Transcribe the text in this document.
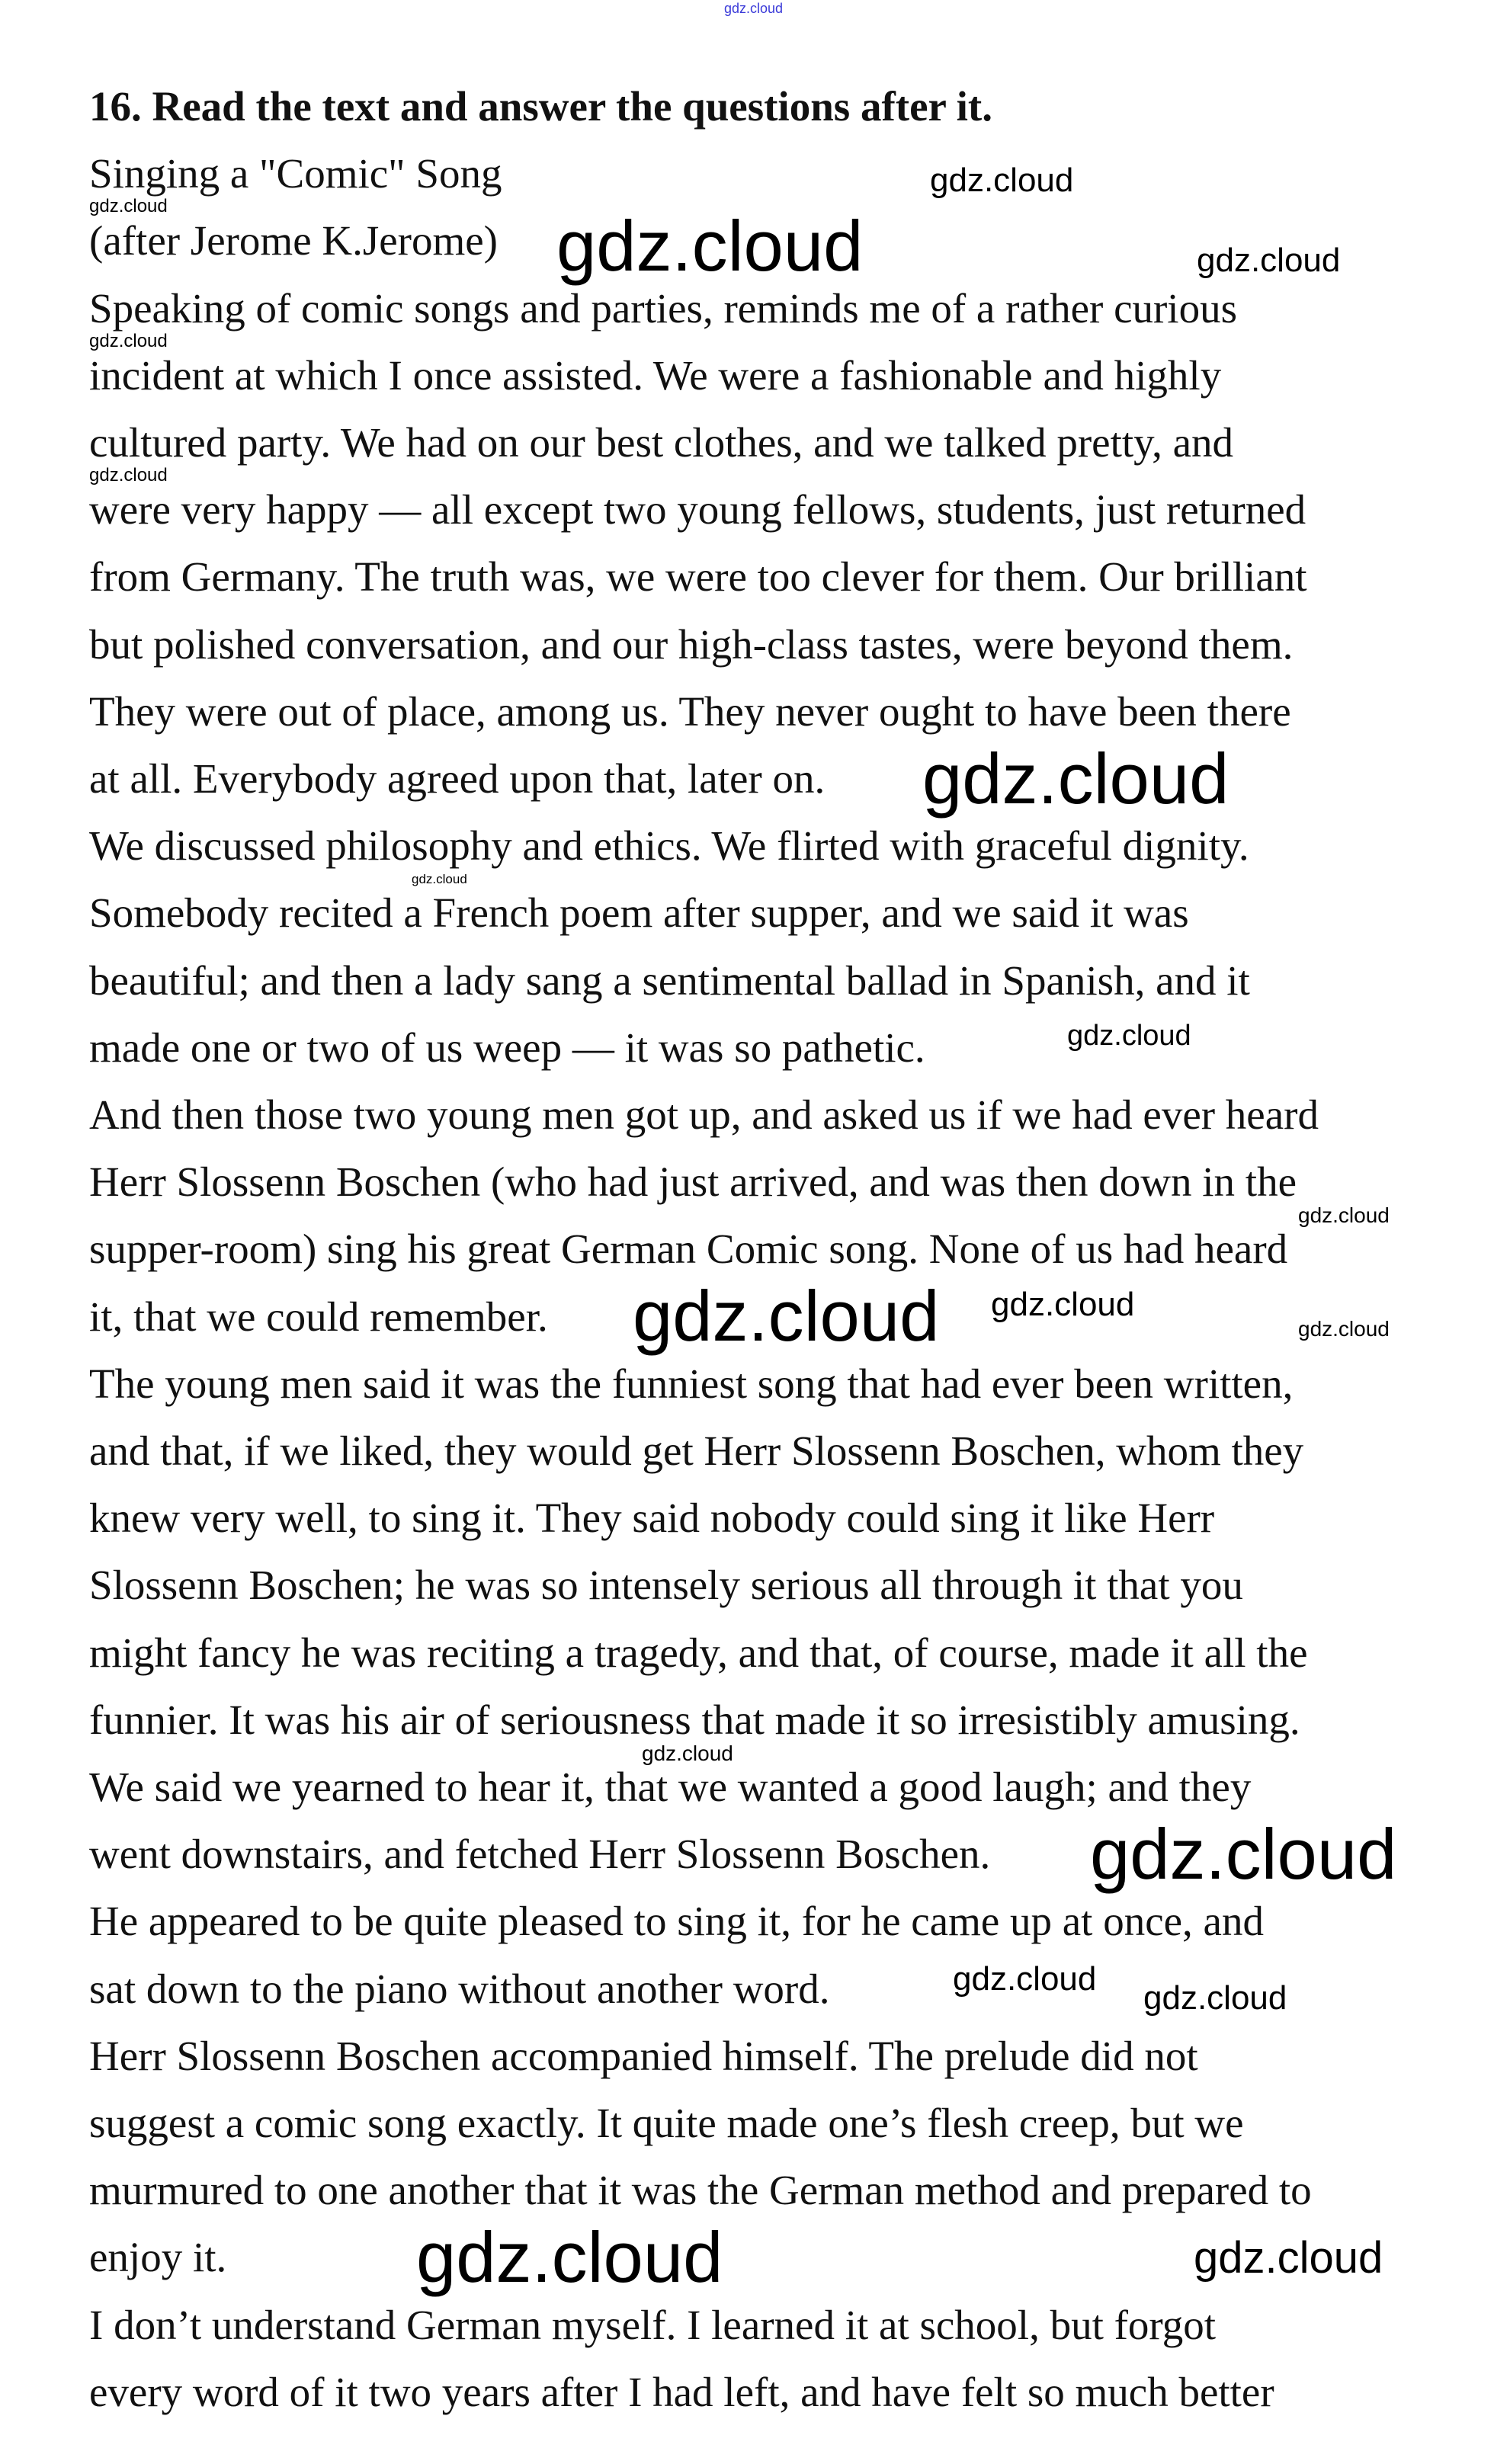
16. Read the text and answer the questions after it.
Singing a "Comic" Song
(after Jerome K.Jerome)
Speaking of comic songs and parties, reminds me of a rather curious
incident at which I once assisted. We were a fashionable and highly
cultured party. We had on our best clothes, and we talked pretty, and
were very happy — all except two young fellows, students, just returned
from Germany. The truth was, we were too clever for them. Our brilliant
but polished conversation, and our high-class tastes, were beyond them.
They were out of place, among us. They never ought to have been there
at all. Everybody agreed upon that, later on.
We discussed philosophy and ethics. We flirted with graceful dignity.
Somebody recited a French poem after supper, and we said it was
beautiful; and then a lady sang a sentimental ballad in Spanish, and it
made one or two of us weep — it was so pathetic.
And then those two young men got up, and asked us if we had ever heard
Herr Slossenn Boschen (who had just arrived, and was then down in the
supper-room) sing his great German Comic song. None of us had heard
it, that we could remember.
The young men said it was the funniest song that had ever been written,
and that, if we liked, they would get Herr Slossenn Boschen, whom they
knew very well, to sing it. They said nobody could sing it like Herr
Slossenn Boschen; he was so intensely serious all through it that you
might fancy he was reciting a tragedy, and that, of course, made it all the
funnier. It was his air of seriousness that made it so irresistibly amusing.
We said we yearned to hear it, that we wanted a good laugh; and they
went downstairs, and fetched Herr Slossenn Boschen.
He appeared to be quite pleased to sing it, for he came up at once, and
sat down to the piano without another word.
Herr Slossenn Boschen accompanied himself. The prelude did not
suggest a comic song exactly. It quite made one’s flesh creep, but we
murmured to one another that it was the German method and prepared to
enjoy it.
I don’t understand German myself. I learned it at school, but forgot
every word of it two years after I had left, and have felt so much better
gdz.cloud
gdz.cloud	gdz.cloud	gdz.cloud
gdz.cloud
gdz.cloud
gdz.cloud
gdz.cloud
gdz.cloud
gdz.cloud
gdz.cloud
gdz.cloud
gdz.cloud	gdz.cloud
gdz.cloud
gdz.cloud
gdz.cloud
gdz.cloud
gdz.cloud	gdz.cloud
